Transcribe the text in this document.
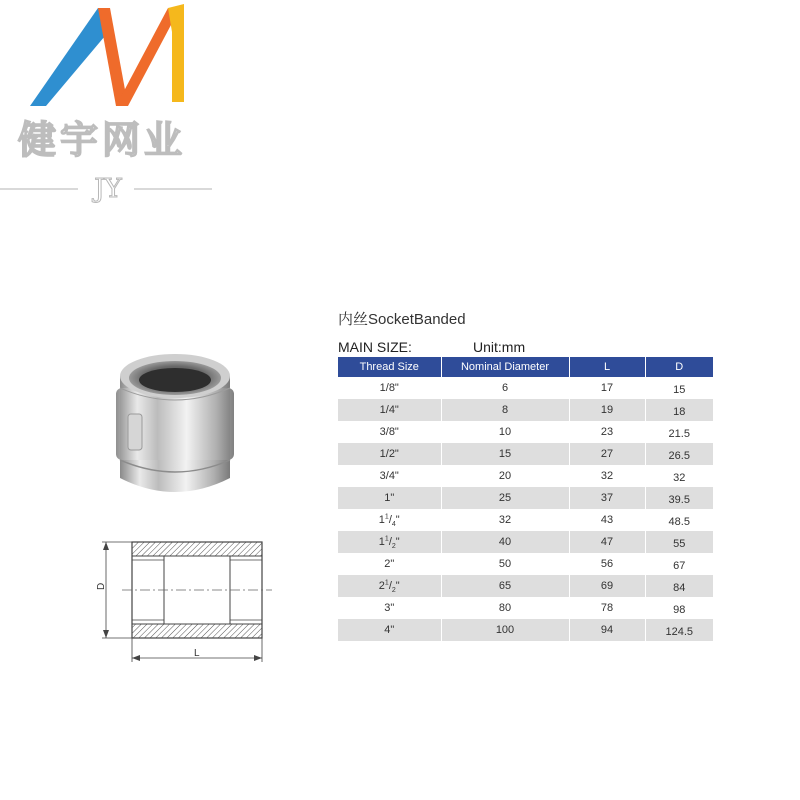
健宇网业
JY
D
L
内丝SocketBanded
MAIN SIZE:	Unit:mm
Thread Size	Nominal Diameter	L	D
1/8"	6	17	15
1/4"	8	19	18
3/8"	10	23	21.5
1/2"	15	27	26.5
3/4"	20	32	32
1"	25	37	39.5
$1^1/_4$"	32	43	48.5
$1^1/_2$"	40	47	55
2"	50	56	67
$2^1/_2$"	65	69	84
3"	80	78	98
4"	100	94	124.5
